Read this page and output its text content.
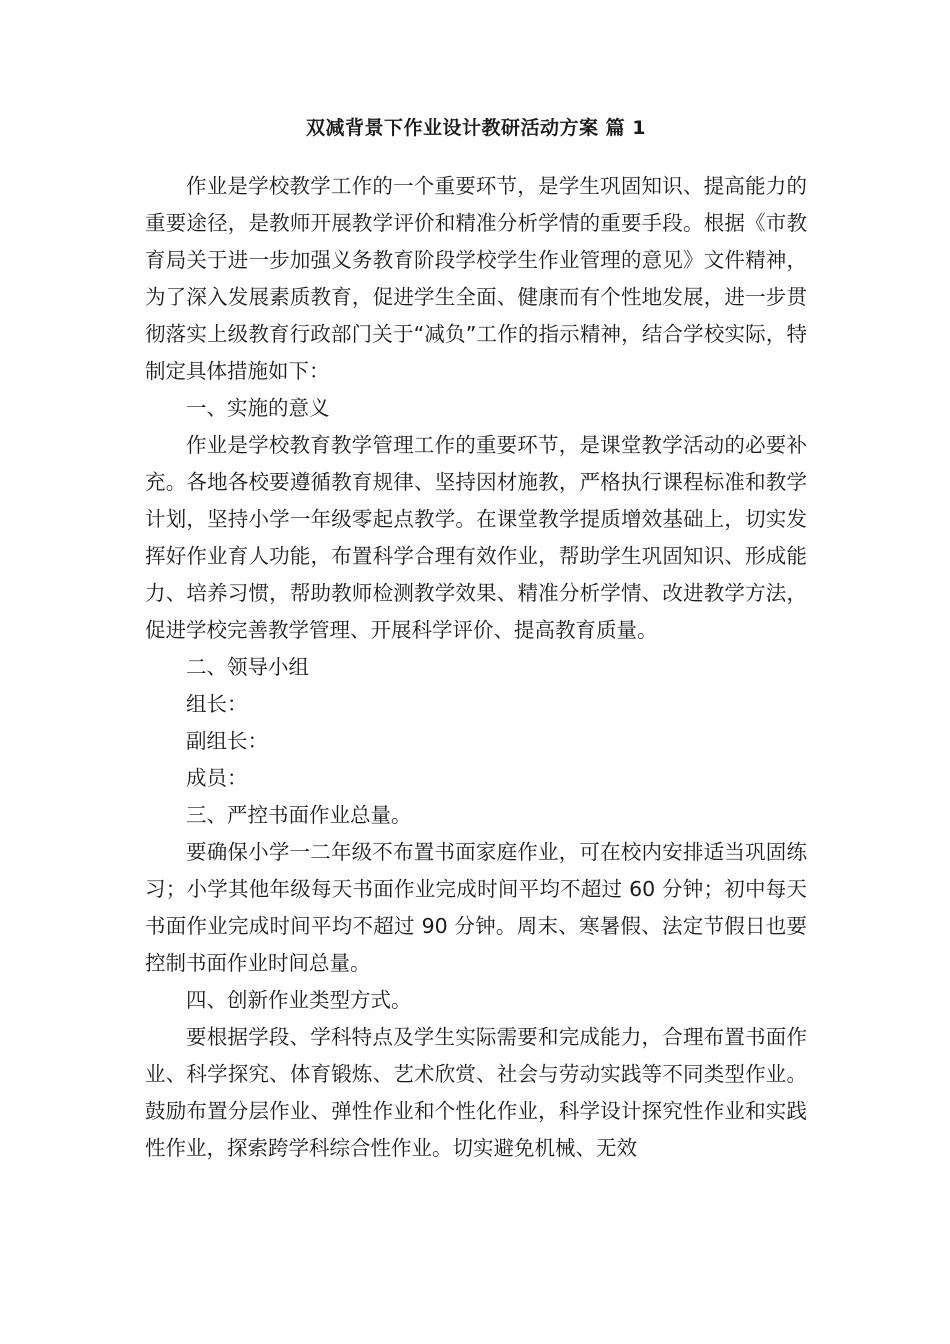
双减背景下作业设计教研活动方案 篇 1

作业是学校教学工作的一个重要环节，是学生巩固知识、提高能力的重要途径，是教师开展教学评价和精准分析学情的重要手段。根据《市教育局关于进一步加强义务教育阶段学校学生作业管理的意见》文件精神，为了深入发展素质教育，促进学生全面、健康而有个性地发展，进一步贯彻落实上级教育行政部门关于“减负”工作的指示精神，结合学校实际，特制定具体措施如下：

一、实施的意义

作业是学校教育教学管理工作的重要环节，是课堂教学活动的必要补充。各地各校要遵循教育规律、坚持因材施教，严格执行课程标准和教学计划，坚持小学一年级零起点教学。在课堂教学提质增效基础上，切实发挥好作业育人功能，布置科学合理有效作业，帮助学生巩固知识、形成能力、培养习惯，帮助教师检测教学效果、精准分析学情、改进教学方法，促进学校完善教学管理、开展科学评价、提高教育质量。

二、领导小组

组长：

副组长：

成员：

三、严控书面作业总量。

要确保小学一二年级不布置书面家庭作业，可在校内安排适当巩固练习；小学其他年级每天书面作业完成时间平均不超过 60 分钟；初中每天书面作业完成时间平均不超过 90 分钟。周末、寒暑假、法定节假日也要控制书面作业时间总量。

四、创新作业类型方式。

要根据学段、学科特点及学生实际需要和完成能力，合理布置书面作业、科学探究、体育锻炼、艺术欣赏、社会与劳动实践等不同类型作业。鼓励布置分层作业、弹性作业和个性化作业，科学设计探究性作业和实践性作业，探索跨学科综合性作业。切实避免机械、无效
